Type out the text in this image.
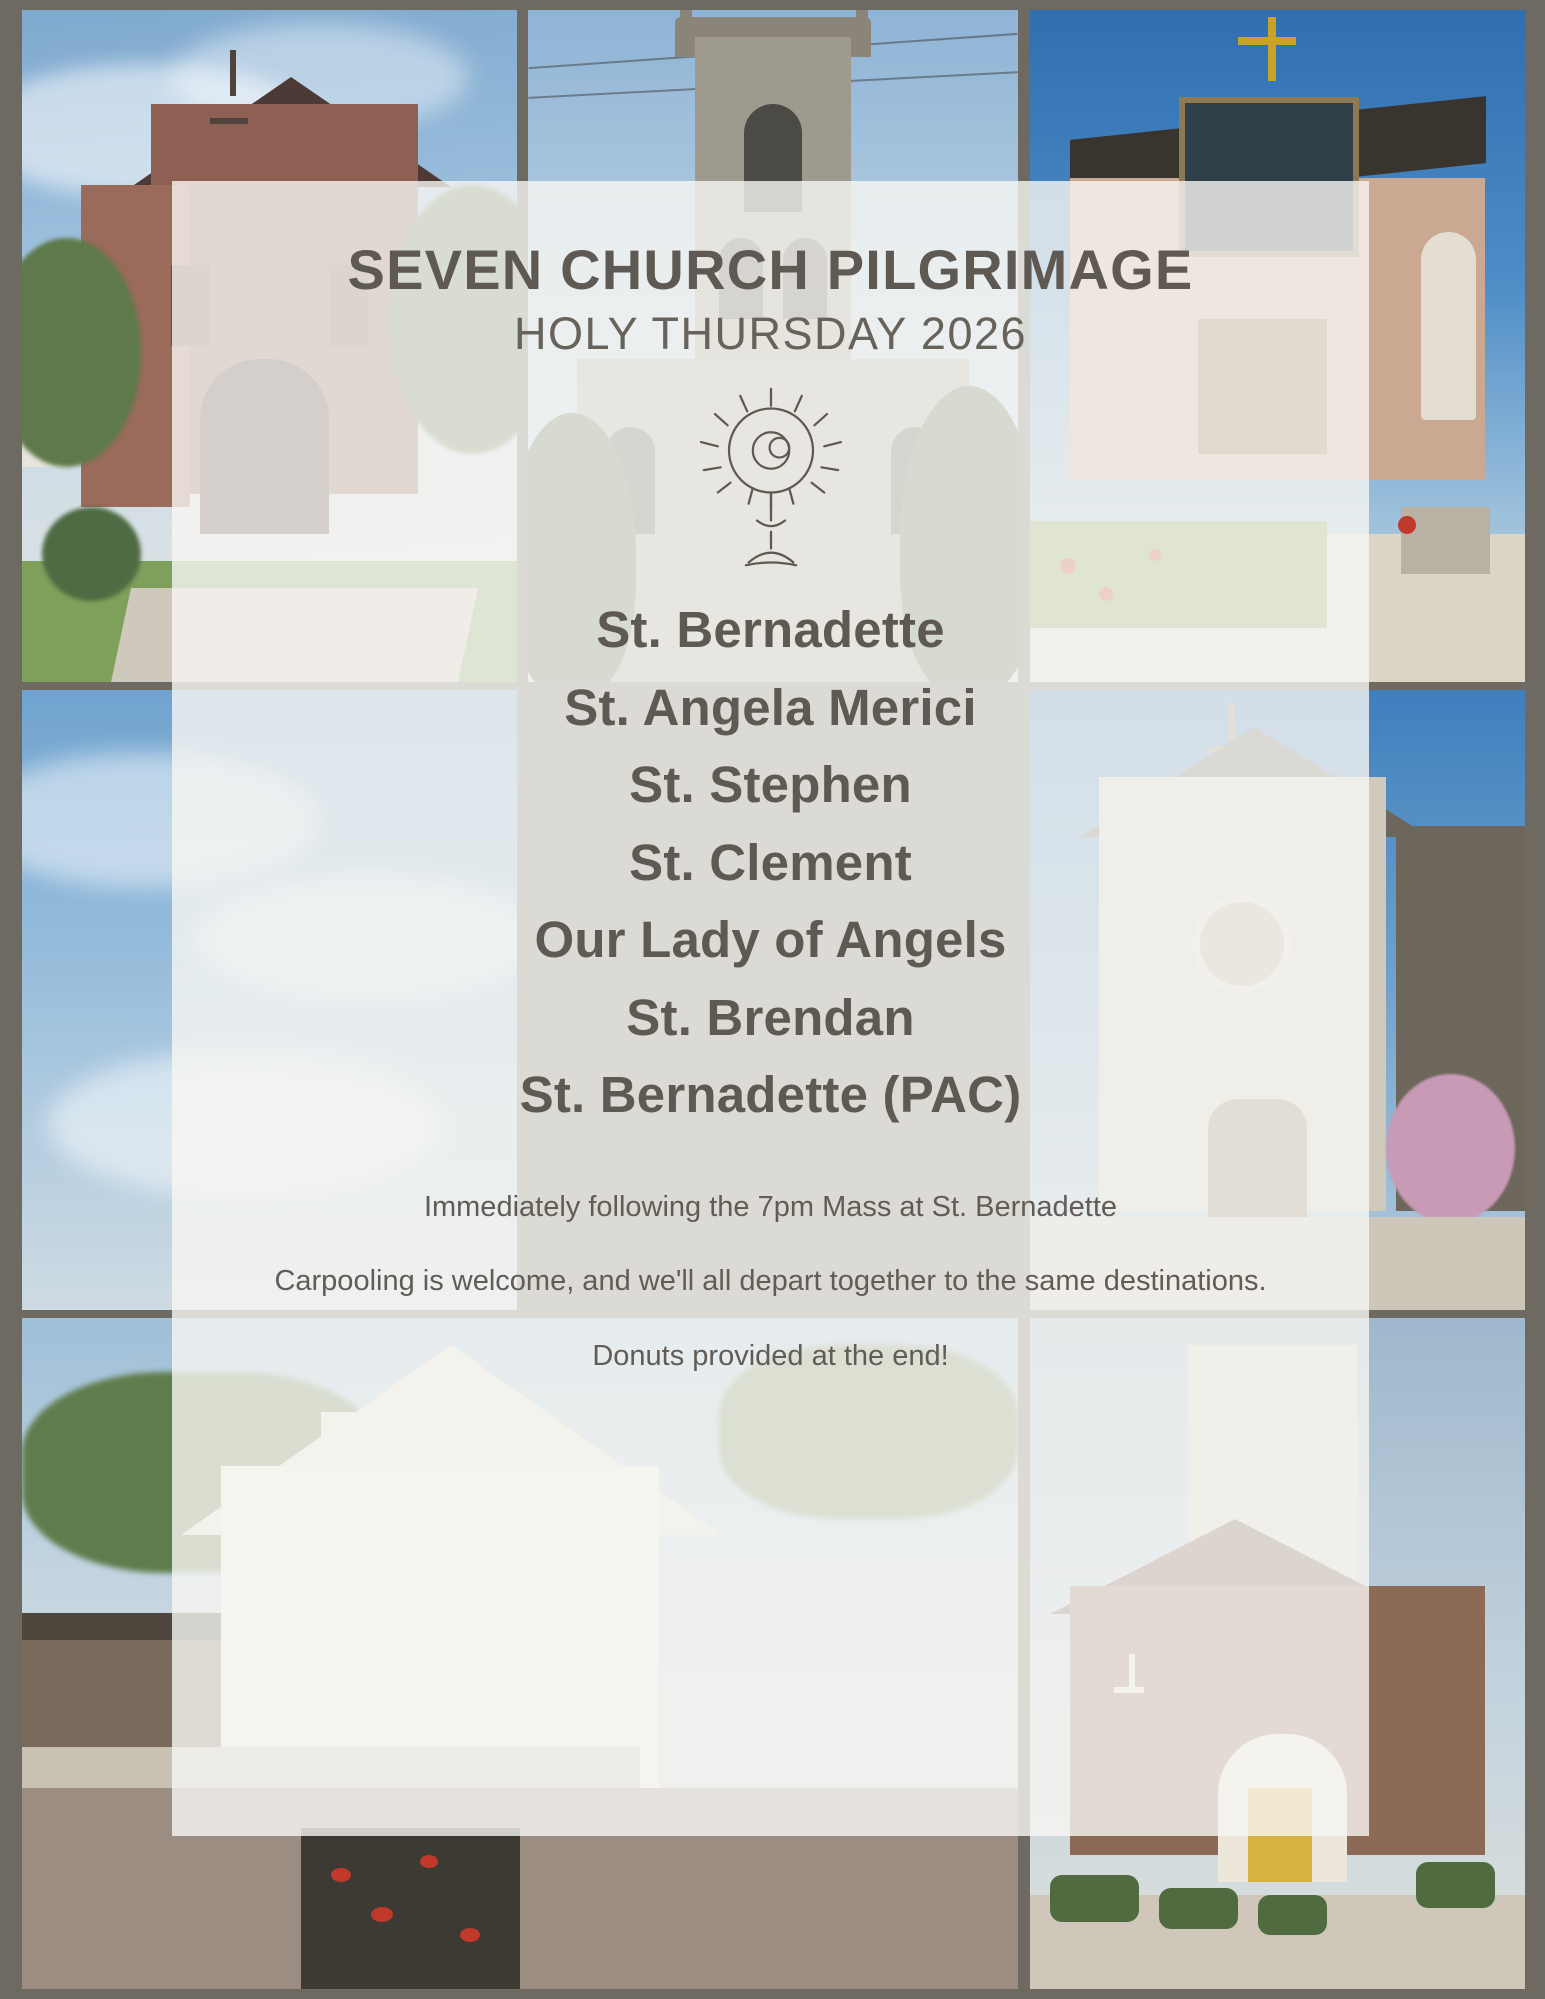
SEVEN CHURCH PILGRIMAGE
HOLY THURSDAY 2026
St. Bernadette
St. Angela Merici
St. Stephen
St. Clement
Our Lady of Angels
St. Brendan
St. Bernadette (PAC)

Immediately following the 7pm Mass at St. Bernadette

Carpooling is welcome, and we'll all depart together to the same destinations.

Donuts provided at the end!
